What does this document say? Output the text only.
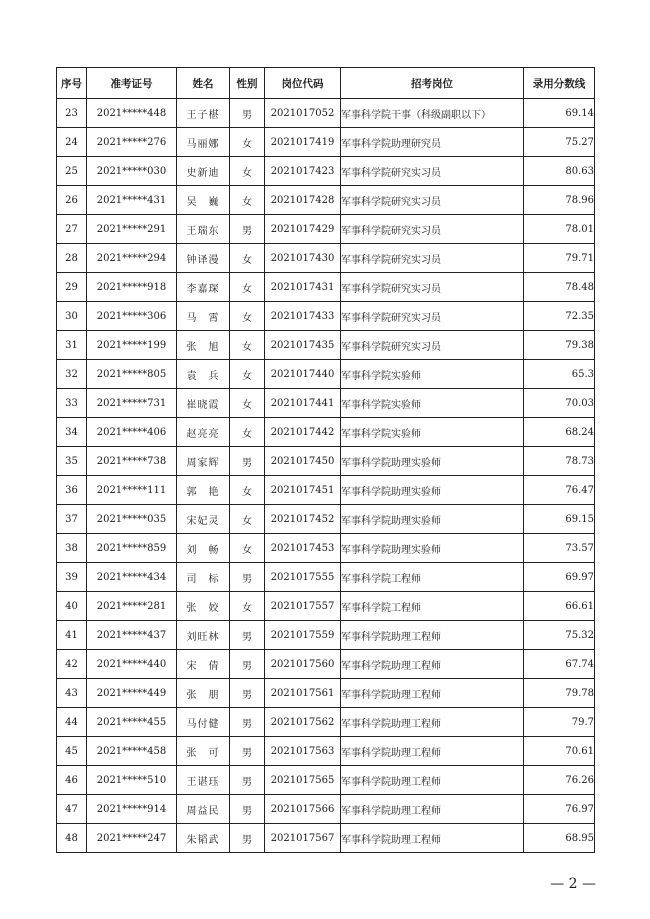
序号	准考证号	姓名	性别	岗位代码	招考岗位	录用分数线
23	2021*****448	王子椹	男	2021017052	军事科学院干事（科级副职以下）	69.14
24	2021*****276	马丽娜	女	2021017419	军事科学院助理研究员	75.27
25	2021*****030	史新迪	女	2021017423	军事科学院研究实习员	80.63
26	2021*****431	吴　巍	女	2021017428	军事科学院研究实习员	78.96
27	2021*****291	王瑞东	男	2021017429	军事科学院研究实习员	78.01
28	2021*****294	钟译漫	女	2021017430	军事科学院研究实习员	79.71
29	2021*****918	李嘉琛	女	2021017431	军事科学院研究实习员	78.48
30	2021*****306	马　霄	女	2021017433	军事科学院研究实习员	72.35
31	2021*****199	张　旭	女	2021017435	军事科学院研究实习员	79.38
32	2021*****805	袁　兵	女	2021017440	军事科学院实验师	65.3
33	2021*****731	崔晓霞	女	2021017441	军事科学院实验师	70.03
34	2021*****406	赵亮亮	女	2021017442	军事科学院实验师	68.24
35	2021*****738	周家辉	男	2021017450	军事科学院助理实验师	78.73
36	2021*****111	郭　艳	女	2021017451	军事科学院助理实验师	76.47
37	2021*****035	宋妃灵	女	2021017452	军事科学院助理实验师	69.15
38	2021*****859	刘　畅	女	2021017453	军事科学院助理实验师	73.57
39	2021*****434	司　标	男	2021017555	军事科学院工程师	69.97
40	2021*****281	张　姣	女	2021017557	军事科学院工程师	66.61
41	2021*****437	刘旺林	男	2021017559	军事科学院助理工程师	75.32
42	2021*****440	宋　倩	男	2021017560	军事科学院助理工程师	67.74
43	2021*****449	张　朋	男	2021017561	军事科学院助理工程师	79.78
44	2021*****455	马付健	男	2021017562	军事科学院助理工程师	79.7
45	2021*****458	张　可	男	2021017563	军事科学院助理工程师	70.61
46	2021*****510	王谌珏	男	2021017565	军事科学院助理工程师	76.26
47	2021*****914	周益民	男	2021017566	军事科学院助理工程师	76.97
48	2021*****247	朱韬武	男	2021017567	军事科学院助理工程师	68.95
— 2 —
